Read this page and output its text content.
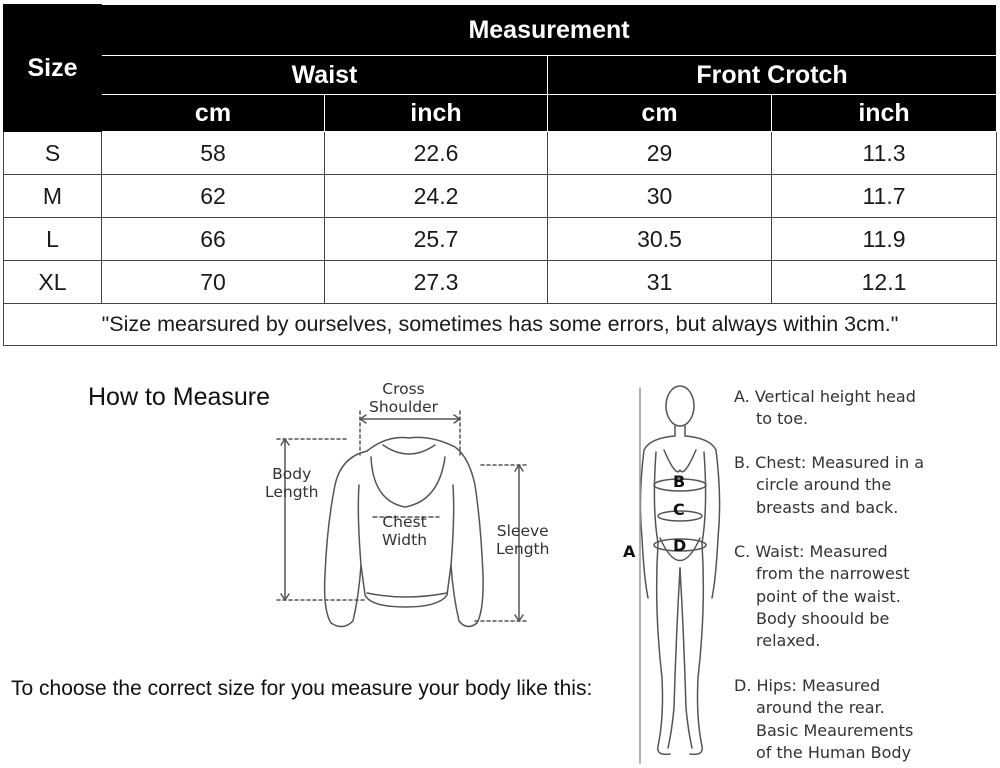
Size	Measurement			
	Waist		Front Crotch	
	cm	inch	cm	inch
S	58	22.6	29	11.3
M	62	24.2	30	11.7
L	66	25.7	30.5	11.9
XL	70	27.3	31	12.1
"Size mearsured by ourselves, sometimes has some errors, but always within 3cm."				
How to Measure
To choose the correct size for you measure your body like this:
Cross
Shoulder
Body
Length
Chest
Width	Sleeve
Length	A
B
C
D
A. Vertical height head
to toe.
B. Chest: Measured in a
circle around the
breasts and back.
C. Waist: Measured
from the narrowest
point of the waist.
Body shoould be
relaxed.
D. Hips: Measured
around the rear.
Basic Meaurements
of the Human Body
